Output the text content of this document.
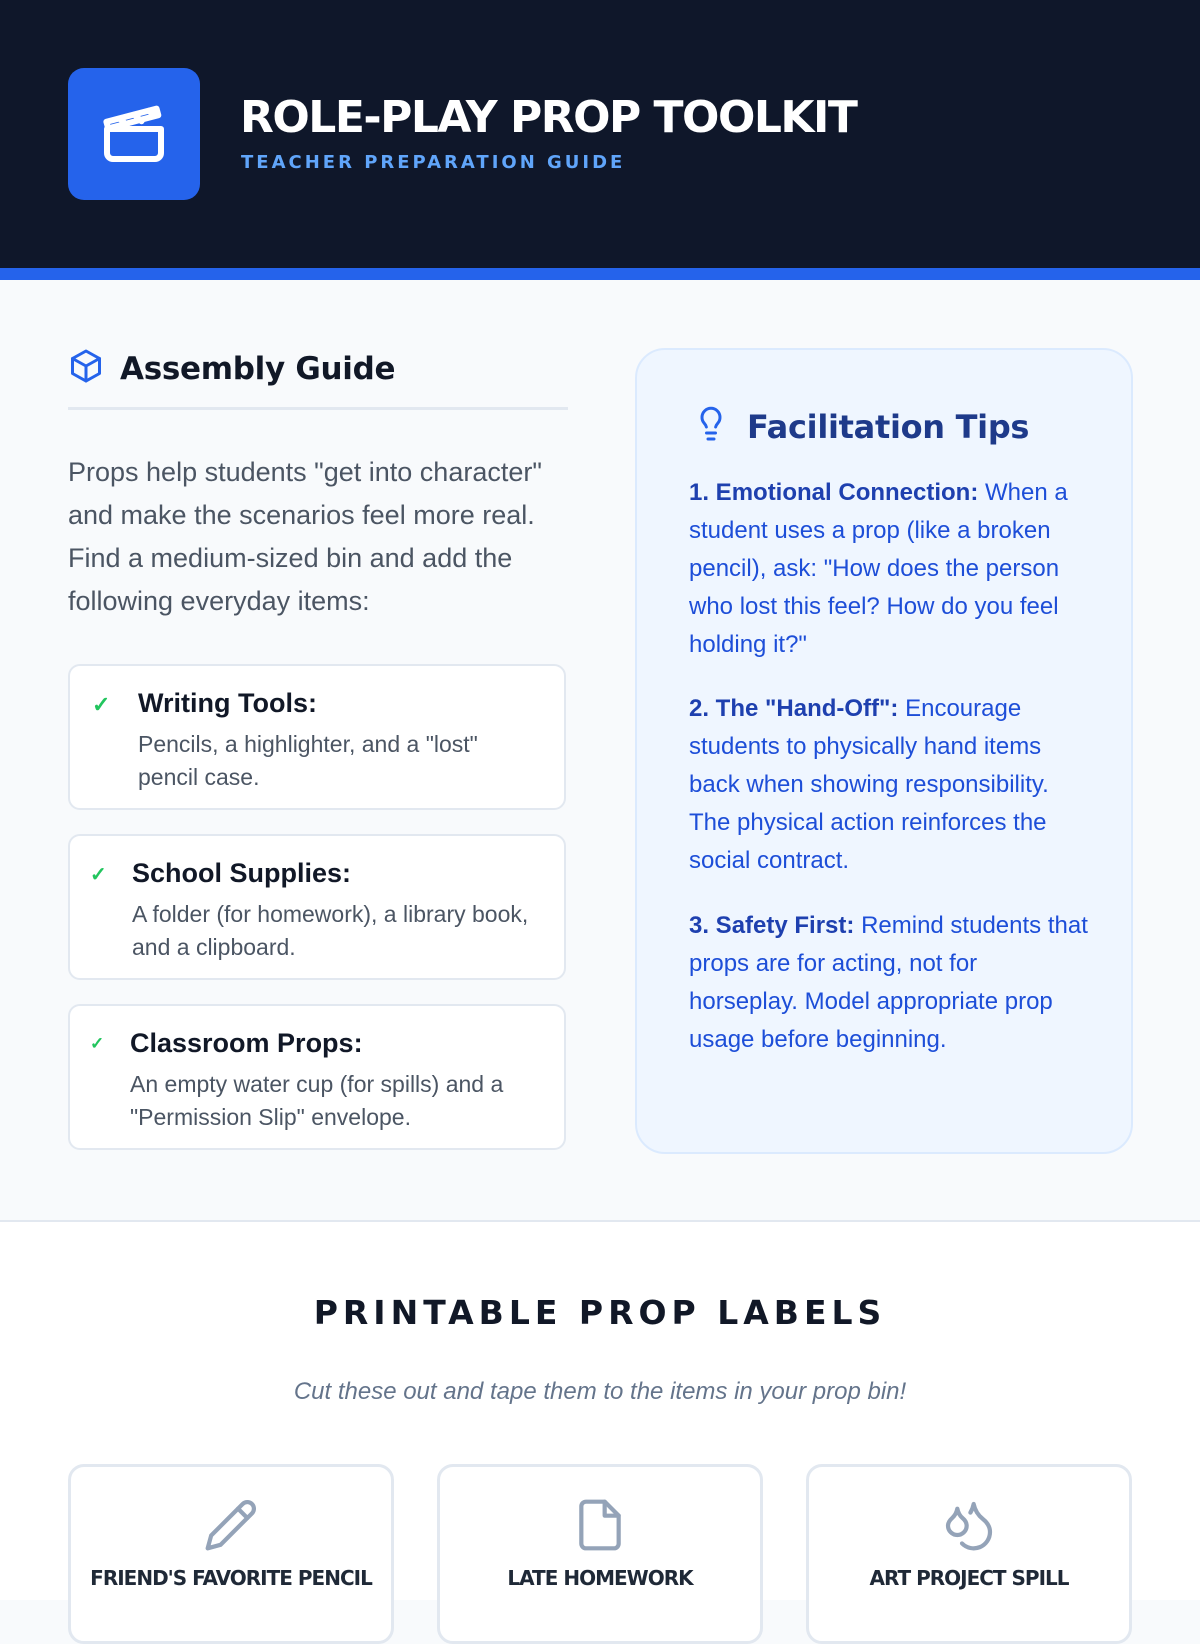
ROLE-PLAY PROP TOOLKIT
TEACHER PREPARATION GUIDE
Assembly Guide
Props help students "get into character" and make the scenarios feel more real. Find a medium-sized bin and add the following everyday items:
✓ Writing Tools:
Pencils, a highlighter, and a "lost" pencil case.
✓ School Supplies:
A folder (for homework), a library book, and a clipboard.
✓ Classroom Props:
An empty water cup (for spills) and a "Permission Slip" envelope.
Facilitation Tips
1. Emotional Connection: When a student uses a prop (like a broken pencil), ask: "How does the person who lost this feel? How do you feel holding it?"
2. The "Hand-Off": Encourage students to physically hand items back when showing responsibility. The physical action reinforces the social contract.
3. Safety First: Remind students that props are for acting, not for horseplay. Model appropriate prop usage before beginning.
PRINTABLE PROP LABELS
Cut these out and tape them to the items in your prop bin!
FRIEND'S FAVORITE PENCIL	LATE HOMEWORK	ART PROJECT SPILL
